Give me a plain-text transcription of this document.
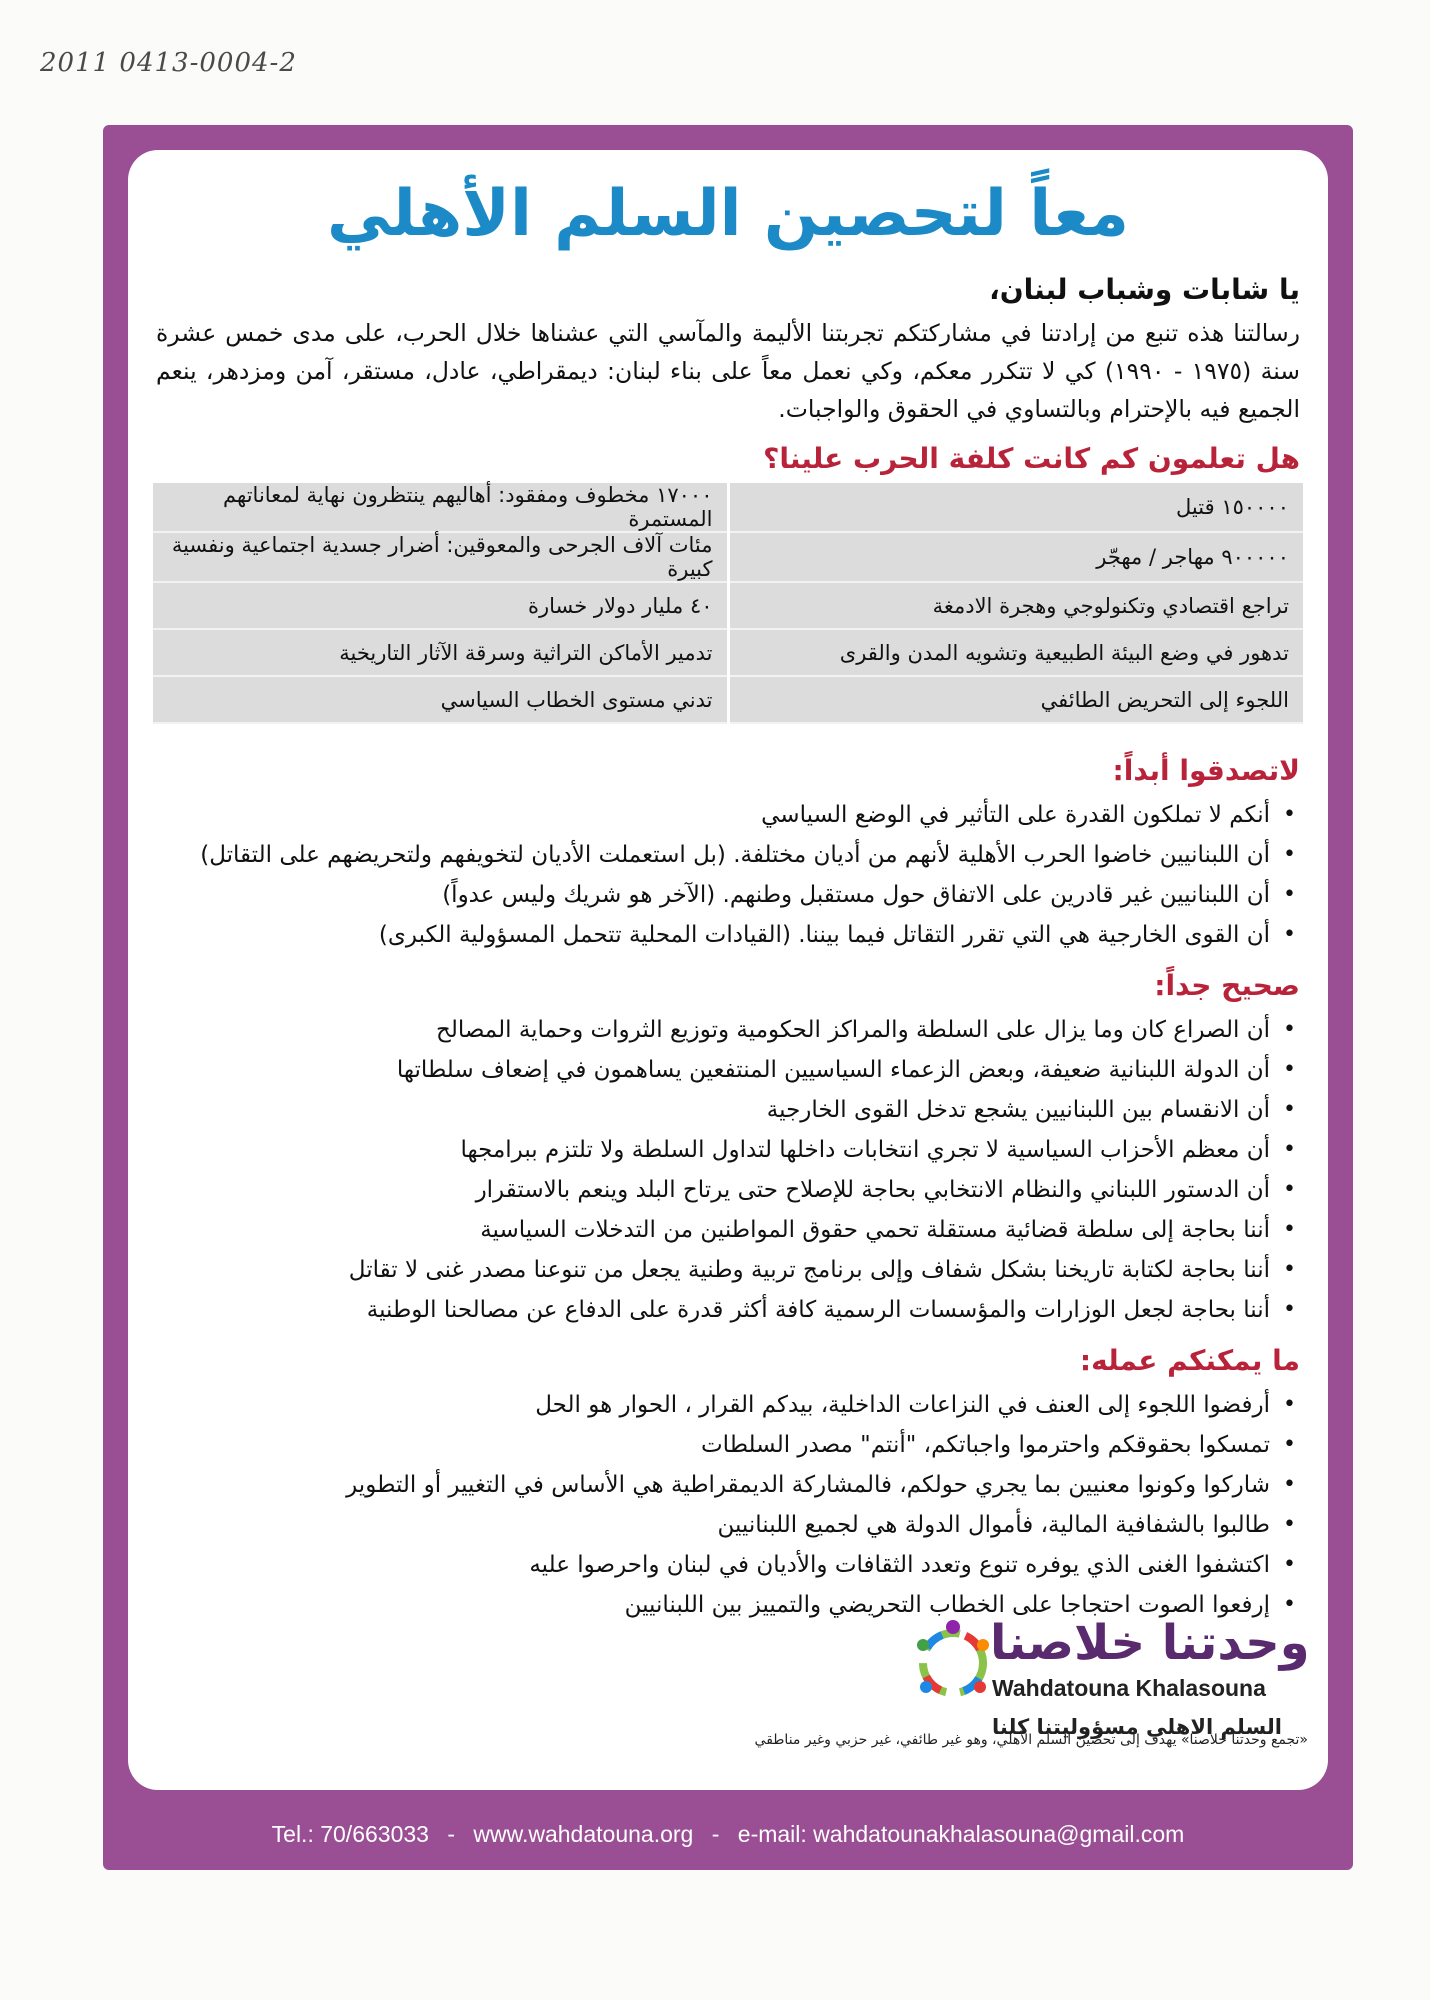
2011 0413-0004-2
معاً لتحصين السلم الأهلي
يا شابات وشباب لبنان،
رسالتنا هذه تنبع من إرادتنا في مشاركتكم تجربتنا الأليمة والمآسي التي عشناها خلال الحرب، على مدى خمس عشرة سنة (١٩٧٥ - ١٩٩٠) كي لا تتكرر معكم، وكي نعمل معاً على بناء لبنان: ديمقراطي، عادل، مستقر، آمن ومزدهر، ينعم الجميع فيه بالإحترام وبالتساوي في الحقوق والواجبات.
هل تعلمون كم كانت كلفة الحرب علينا؟
١٥٠٠٠٠ قتيل	١٧٠٠٠ مخطوف ومفقود: أهاليهم ينتظرون نهاية لمعاناتهم المستمرة
٩٠٠٠٠٠ مهاجر / مهجّر	مئات آلاف الجرحى والمعوقين: أضرار جسدية اجتماعية ونفسية كبيرة
تراجع اقتصادي وتكنولوجي وهجرة الادمغة	٤٠ مليار دولار خسارة
تدهور في وضع البيئة الطبيعية وتشويه المدن والقرى	تدمير الأماكن التراثية وسرقة الآثار التاريخية
اللجوء إلى التحريض الطائفي	تدني مستوى الخطاب السياسي
لاتصدقوا أبداً:
• أنكم لا تملكون القدرة على التأثير في الوضع السياسي
• أن اللبنانيين خاضوا الحرب الأهلية لأنهم من أديان مختلفة. (بل استعملت الأديان لتخويفهم ولتحريضهم على التقاتل)
• أن اللبنانيين غير قادرين على الاتفاق حول مستقبل وطنهم. (الآخر هو شريك وليس عدواً)
• أن القوى الخارجية هي التي تقرر التقاتل فيما بيننا. (القيادات المحلية تتحمل المسؤولية الكبرى)
صحيح جداً:
• أن الصراع كان وما يزال على السلطة والمراكز الحكومية وتوزيع الثروات وحماية المصالح
• أن الدولة اللبنانية ضعيفة، وبعض الزعماء السياسيين المنتفعين يساهمون في إضعاف سلطاتها
• أن الانقسام بين اللبنانيين يشجع تدخل القوى الخارجية
• أن معظم الأحزاب السياسية لا تجري انتخابات داخلها لتداول السلطة ولا تلتزم ببرامجها
• أن الدستور اللبناني والنظام الانتخابي بحاجة للإصلاح حتى يرتاح البلد وينعم بالاستقرار
• أننا بحاجة إلى سلطة قضائية مستقلة تحمي حقوق المواطنين من التدخلات السياسية
• أننا بحاجة لكتابة تاريخنا بشكل شفاف وإلى برنامج تربية وطنية يجعل من تنوعنا مصدر غنى لا تقاتل
• أننا بحاجة لجعل الوزارات والمؤسسات الرسمية كافة أكثر قدرة على الدفاع عن مصالحنا الوطنية
ما يمكنكم عمله:
• أرفضوا اللجوء إلى العنف في النزاعات الداخلية، بيدكم القرار ، الحوار هو الحل
• تمسكوا بحقوقكم واحترموا واجباتكم، "أنتم" مصدر السلطات
• شاركوا وكونوا معنيين بما يجري حولكم، فالمشاركة الديمقراطية هي الأساس في التغيير أو التطوير
• طالبوا بالشفافية المالية، فأموال الدولة هي لجميع اللبنانيين
• اكتشفوا الغنى الذي يوفره تنوع وتعدد الثقافات والأديان في لبنان واحرصوا عليه
• إرفعوا الصوت احتجاجا على الخطاب التحريضي والتمييز بين اللبنانيين
وحدتنا خلاصنا
Wahdatouna Khalasouna
السلم الاهلي مسؤوليتنا كلنا
«تجمع وحدتنا خلاصنا» يهدف إلى تحصين السلم الأهلي، وهو غير طائفي، غير حزبي وغير مناطقي
Tel.: 70/663033 - www.wahdatouna.org - e-mail: wahdatounakhalasouna@gmail.com
